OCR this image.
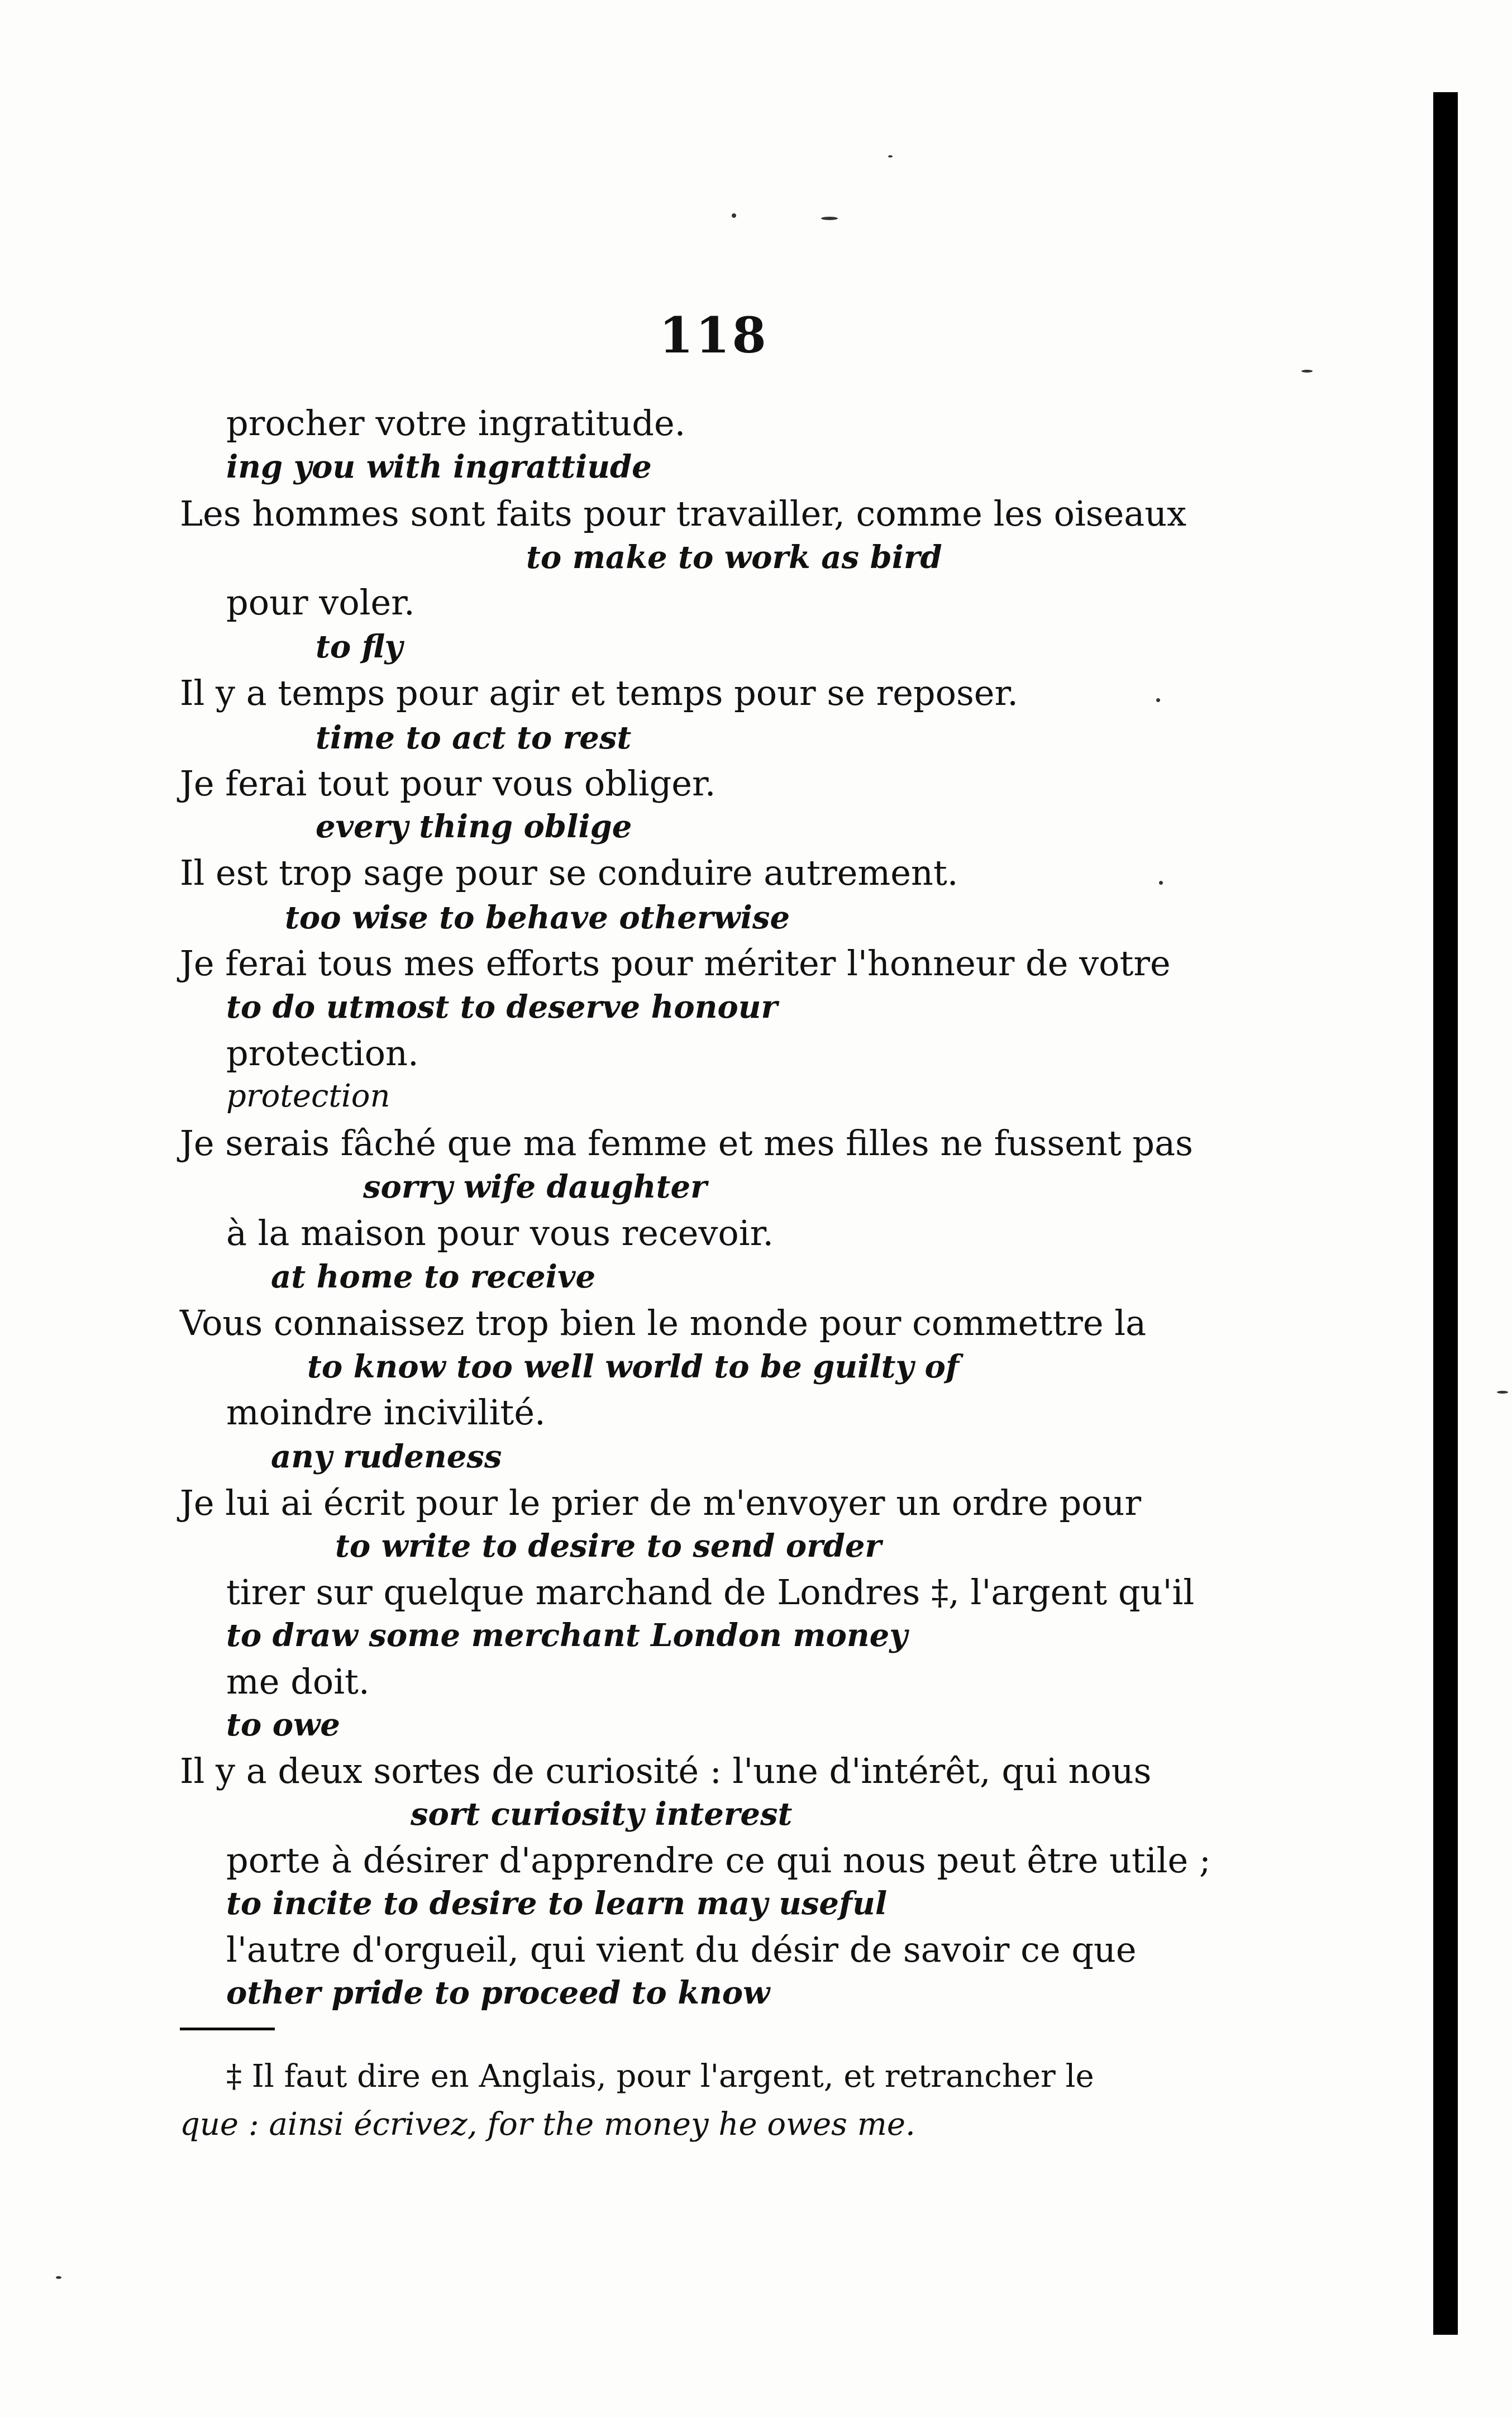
118
procher votre ingratitude.
ing you with ingrattiude
Les hommes sont faits pour travailler, comme les oiseaux
to make to work as bird
pour voler.
to fly
Il y a temps pour agir et temps pour se reposer.
time to act to rest
Je ferai tout pour vous obliger.
every thing oblige
Il est trop sage pour se conduire autrement.
too wise to behave otherwise
Je ferai tous mes efforts pour mériter l'honneur de votre
to do utmost to deserve honour
protection.
protection
Je serais fâché que ma femme et mes filles ne fussent pas
sorry wife daughter
à la maison pour vous recevoir.
at home to receive
Vous connaissez trop bien le monde pour commettre la
to know too well world to be guilty of
moindre incivilité.
any rudeness
Je lui ai écrit pour le prier de m'envoyer un ordre pour
to write to desire to send order
tirer sur quelque marchand de Londres ‡, l'argent qu'il
to draw some merchant London money
me doit.
to owe
Il y a deux sortes de curiosité : l'une d'intérêt, qui nous
sort curiosity interest
porte à désirer d'apprendre ce qui nous peut être utile ;
to incite to desire to learn may useful
l'autre d'orgueil, qui vient du désir de savoir ce que
other pride to proceed to know
‡ Il faut dire en Anglais, pour l'argent, et retrancher le
que : ainsi écrivez, for the money he owes me.
